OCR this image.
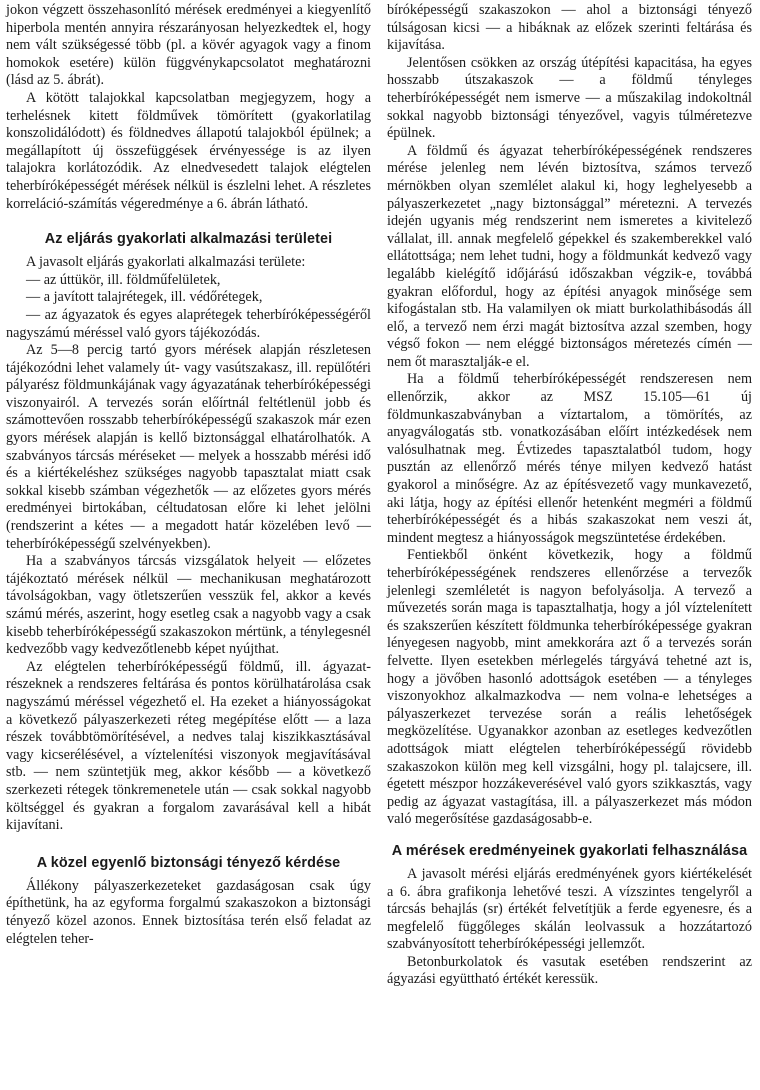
jokon végzett összehasonlító mérések eredményei a kiegyenlítő hiperbola mentén annyira részarányosan helyezkedtek el, hogy nem vált szükségessé több (pl. a kövér agyagok vagy a finom homokok esetére) külön függvénykapcsolatot meghatározni (lásd az 5. ábrát).

A kötött talajokkal kapcsolatban megjegyzem, hogy a terhelésnek kitett földművek tömörített (gyakorlatilag konszolidálódott) és földnedves állapotú talajokból épülnek; a megállapított új összefüggések érvényessége is az ilyen talajokra korlátozódik. Az elnedvesedett talajok elégtelen teherbíróképességét mérések nélkül is észlelni lehet. A részletes korreláció-számítás végeredménye a 6. ábrán látható.

Az eljárás gyakorlati alkalmazási területei

A javasolt eljárás gyakorlati alkalmazási területe:

— az úttükör, ill. földműfelületek,

— a javított talajrétegek, ill. védőrétegek,

— az ágyazatok és egyes alaprétegek teherbíróképességéről nagyszámú méréssel való gyors tájékozódás.

Az 5—8 percig tartó gyors mérések alapján részletesen tájékozódni lehet valamely út- vagy vasútszakasz, ill. repülőtéri pályarész földmunkájának vagy ágyazatának teherbíróképességi viszonyairól. A tervezés során előírtnál feltétlenül jobb és számottevően rosszabb teherbíróképességű szakaszok már ezen gyors mérések alapján is kellő biztonsággal elhatárolhatók. A szabványos tárcsás méréseket — melyek a hosszabb mérési idő és a kiértékeléshez szükséges nagyobb tapasztalat miatt csak sokkal kisebb számban végezhetők — az előzetes gyors mérés eredményei birtokában, céltudatosan előre ki lehet jelölni (rendszerint a kétes — a megadott határ közelében levő — teherbíróképességű szelvényekben).

Ha a szabványos tárcsás vizsgálatok helyeit — előzetes tájékoztató mérések nélkül — mechanikusan meghatározott távolságokban, vagy ötletszerűen vesszük fel, akkor a kevés számú mérés, aszerint, hogy esetleg csak a nagyobb vagy a csak kisebb teherbíróképességű szakaszokon mértünk, a ténylegesnél kedvezőbb vagy kedvezőtlenebb képet nyújthat.

Az elégtelen teherbíróképességű földmű, ill. ágyazat-részeknek a rendszeres feltárása és pontos körülhatárolása csak nagyszámú méréssel végezhető el. Ha ezeket a hiányosságokat a következő pályaszerkezeti réteg megépítése előtt — a laza részek továbbtömörítésével, a nedves talaj kiszikkasztásával vagy kicserélésével, a víztelenítési viszonyok megjavításával stb. — nem szüntetjük meg, akkor később — a következő szerkezeti rétegek tönkremenetele után — csak sokkal nagyobb költséggel és gyakran a forgalom zavarásával kell a hibát kijavítani.

A közel egyenlő biztonsági tényező kérdése

Állékony pályaszerkezeteket gazdaságosan csak úgy építhetünk, ha az egyforma forgalmú szakaszokon a biztonsági tényező közel azonos. Ennek biztosítása terén első feladat az elégtelen teher-

bíróképességű szakaszokon — ahol a biztonsági tényező túlságosan kicsi — a hibáknak az előzek szerinti feltárása és kijavítása.

Jelentősen csökken az ország útépítési kapacitása, ha egyes hosszabb útszakaszok — a földmű tényleges teherbíróképességét nem ismerve — a műszakilag indokoltnál sokkal nagyobb biztonsági tényezővel, vagyis túlméretezve épülnek.

A földmű és ágyazat teherbíróképességének rendszeres mérése jelenleg nem lévén biztosítva, számos tervező mérnökben olyan szemlélet alakul ki, hogy leghelyesebb a pályaszerkezetet „nagy biztonsággal” méretezni. A tervezés idején ugyanis még rendszerint nem ismeretes a kivitelező vállalat, ill. annak megfelelő gépekkel és szakemberekkel való ellátottsága; nem lehet tudni, hogy a földmunkát kedvező vagy legalább kielégítő időjárású időszakban végzik-e, továbbá gyakran előfordul, hogy az építési anyagok minősége sem kifogástalan stb. Ha valamilyen ok miatt burkolathibásodás áll elő, a tervező nem érzi magát biztosítva azzal szemben, hogy végső fokon — nem eléggé biztonságos méretezés címén — nem őt marasztalják-e el.

Ha a földmű teherbíróképességét rendszeresen nem ellenőrzik, akkor az MSZ 15.105—61 új földmunkaszabványban a víztartalom, a tömörítés, az anyagválogatás stb. vonatkozásában előírt intézkedések nem valósulhatnak meg. Évtizedes tapasztalatból tudom, hogy pusztán az ellenőrző mérés ténye milyen kedvező hatást gyakorol a minőségre. Az az építésvezető vagy munkavezető, aki látja, hogy az építési ellenőr hetenként megméri a földmű teherbíróképességét és a hibás szakaszokat nem veszi át, mindent megtesz a hiányosságok megszüntetése érdekében.

Fentiekből önként következik, hogy a földmű teherbíróképességének rendszeres ellenőrzése a tervezők jelenlegi szemléletét is nagyon befolyásolja. A tervező a művezetés során maga is tapasztalhatja, hogy a jól víztelenített és szakszerűen készített földmunka teherbíróképessége gyakran lényegesen nagyobb, mint amekkorára azt ő a tervezés során felvette. Ilyen esetekben mérlegelés tárgyává tehetné azt is, hogy a jövőben hasonló adottságok esetében — a tényleges viszonyokhoz alkalmazkodva — nem volna-e lehetséges a pályaszerkezet tervezése során a reális lehetőségek megközelítése. Ugyanakkor azonban az esetleges kedvezőtlen adottságok miatt elégtelen teherbíróképességű rövidebb szakaszokon külön meg kell vizsgálni, hogy pl. talajcsere, ill. égetett mészpor hozzákeverésével való gyors szikkasztás, vagy pedig az ágyazat vastagítása, ill. a pályaszerkezet más módon való megerősítése gazdaságosabb-e.

A mérések eredményeinek gyakorlati felhasználása

A javasolt mérési eljárás eredményének gyors kiértékelését a 6. ábra grafikonja lehetővé teszi. A vízszintes tengelyről a tárcsás behajlás (sr) értékét felvetítjük a ferde egyenesre, és a megfelelő függőleges skálán leolvassuk a hozzátartozó szabványosított teherbíróképességi jellemzőt.

Betonburkolatok és vasutak esetében rendszerint az ágyazási együttható értékét keressük.
